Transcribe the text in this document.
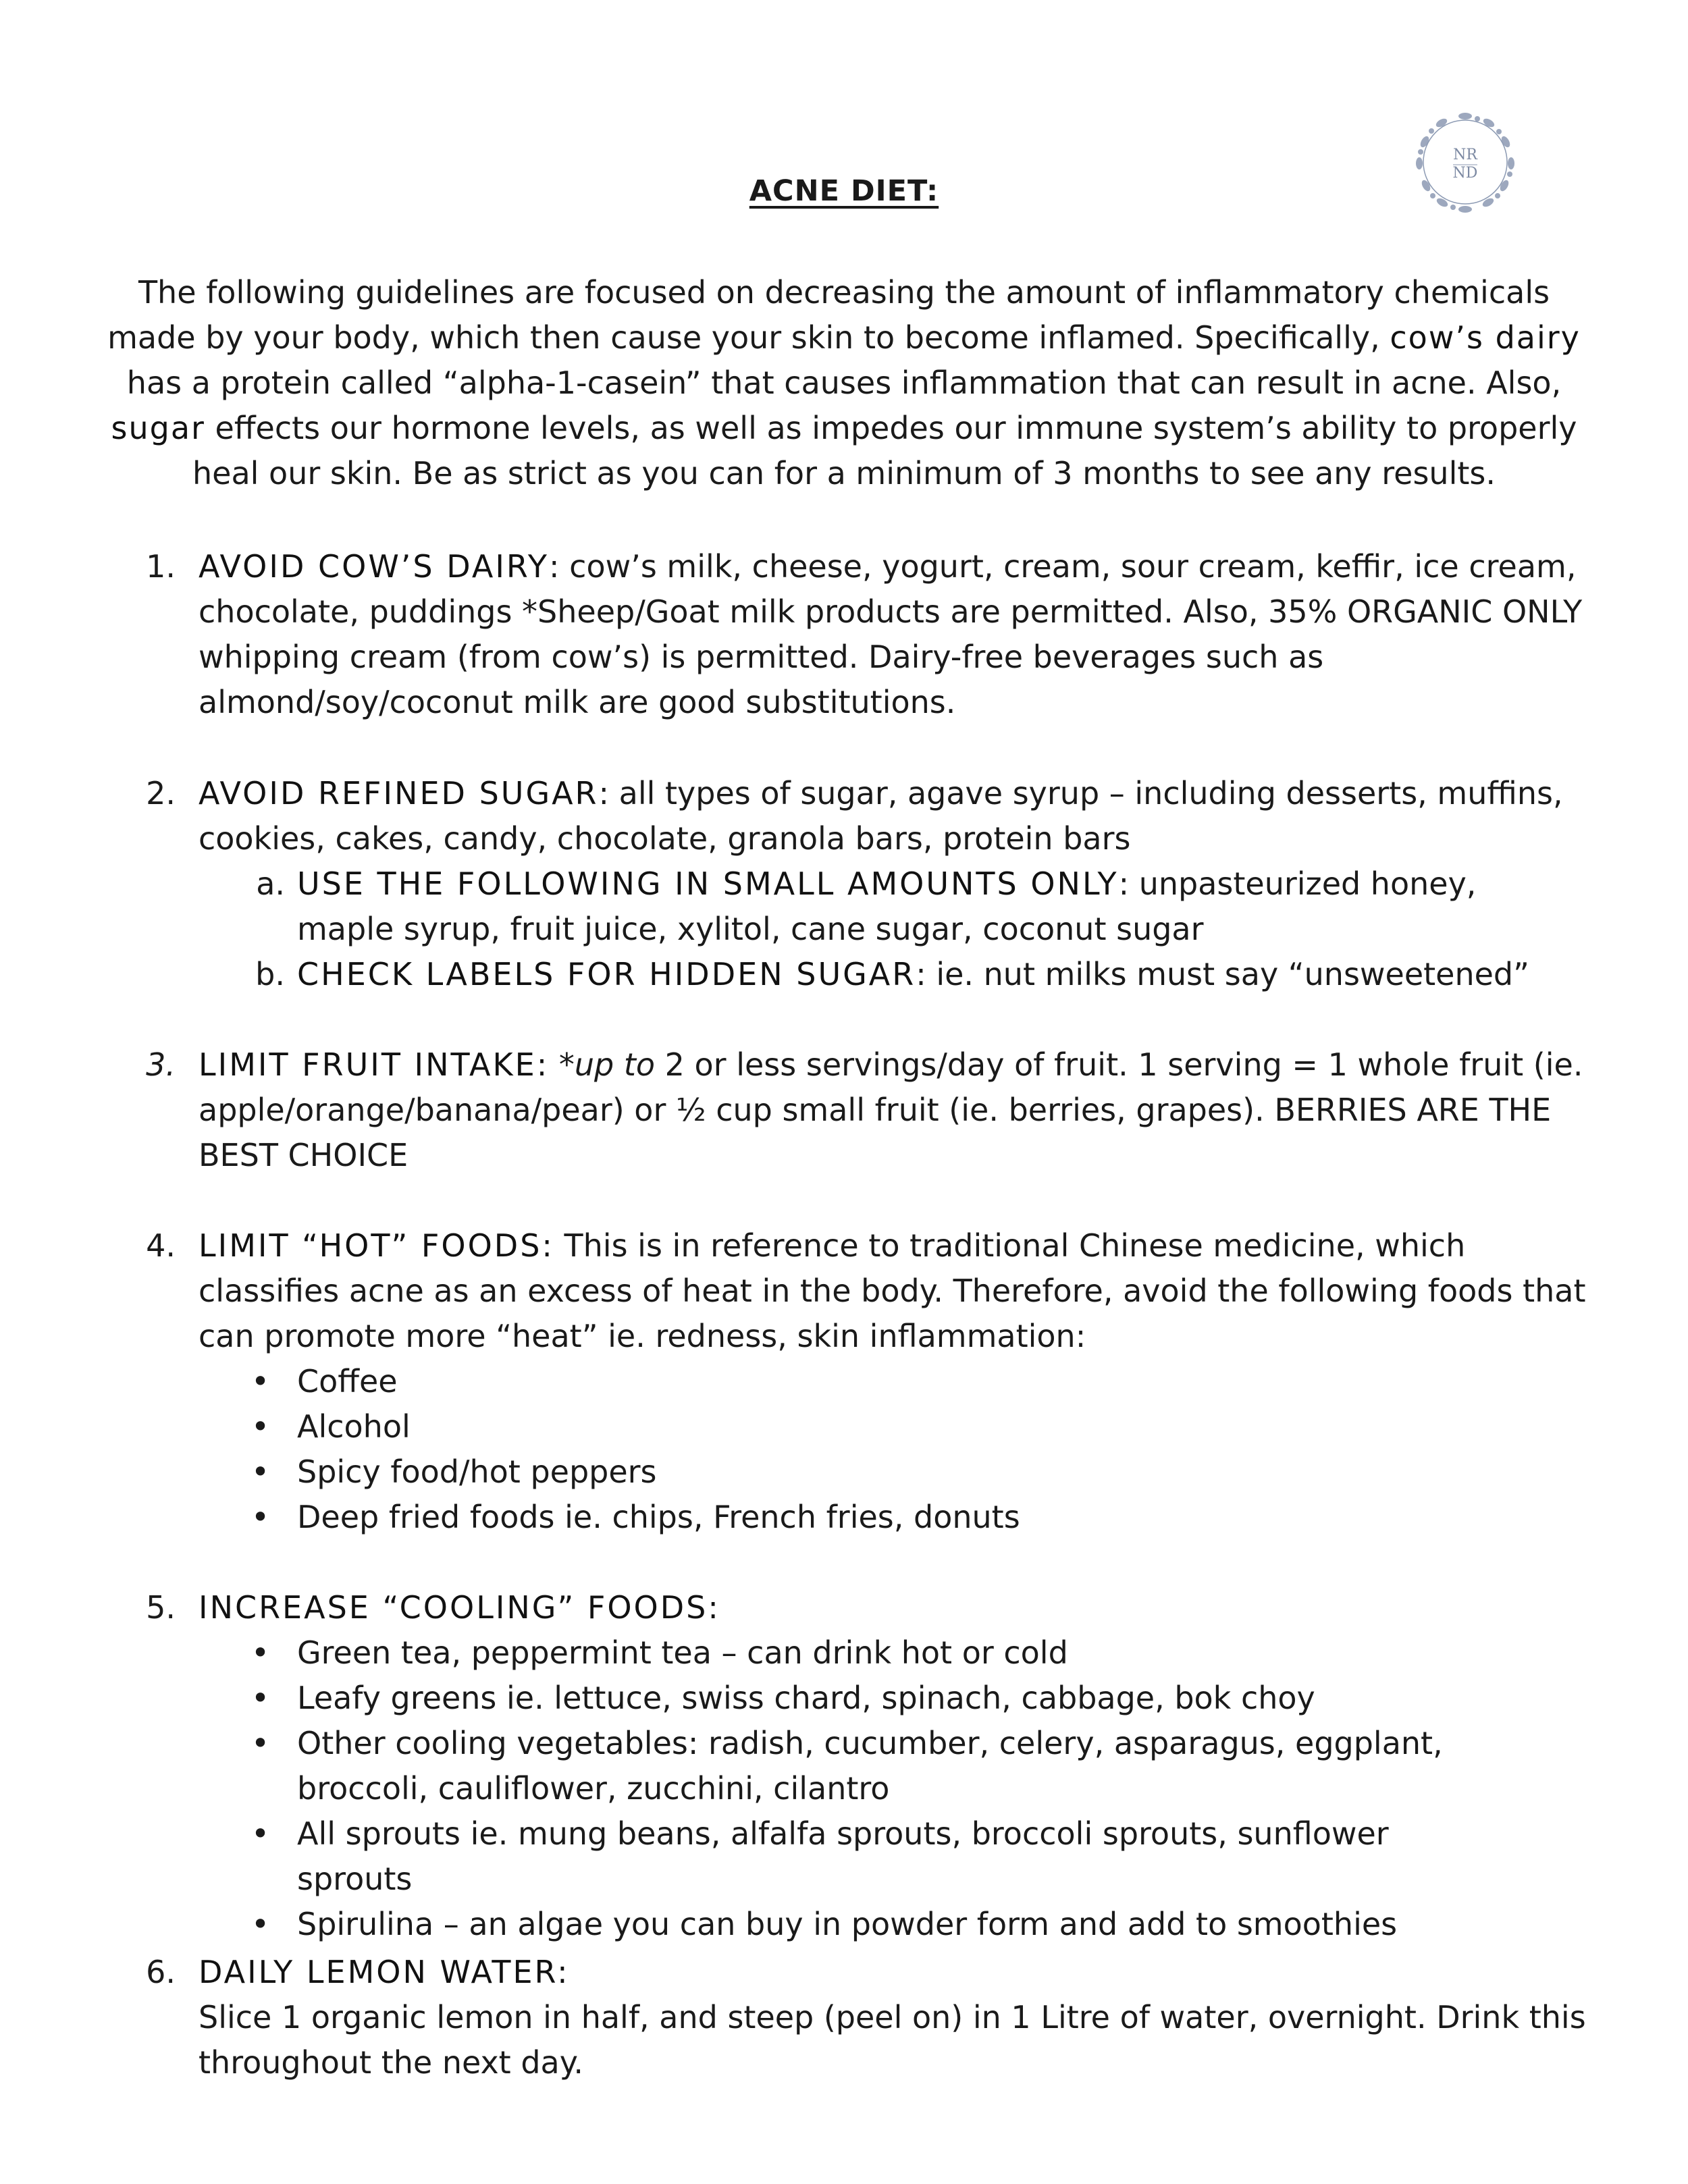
NR
ND
ACNE DIET:

The following guidelines are focused on decreasing the amount of inflammatory chemicals made by your body, which then cause your skin to become inflamed. Specifically, cow’s dairy has a protein called “alpha-1-casein” that causes inflammation that can result in acne. Also, sugar effects our hormone levels, as well as impedes our immune system’s ability to properly heal our skin. Be as strict as you can for a minimum of 3 months to see any results.

1. AVOID COW’S DAIRY: cow’s milk, cheese, yogurt, cream, sour cream, keffir, ice cream, chocolate, puddings *Sheep/Goat milk products are permitted. Also, 35% ORGANIC ONLY whipping cream (from cow’s) is permitted. Dairy-free beverages such as almond/soy/coconut milk are good substitutions.

2. AVOID REFINED SUGAR: all types of sugar, agave syrup – including desserts, muffins, cookies, cakes, candy, chocolate, granola bars, protein bars

a. USE THE FOLLOWING IN SMALL AMOUNTS ONLY: unpasteurized honey, maple syrup, fruit juice, xylitol, cane sugar, coconut sugar

b. CHECK LABELS FOR HIDDEN SUGAR: ie. nut milks must say “unsweetened”

3. LIMIT FRUIT INTAKE: *up to 2 or less servings/day of fruit. 1 serving = 1 whole fruit (ie. apple/orange/banana/pear) or ½ cup small fruit (ie. berries, grapes). BERRIES ARE THE BEST CHOICE

4. LIMIT “HOT” FOODS: This is in reference to traditional Chinese medicine, which classifies acne as an excess of heat in the body. Therefore, avoid the following foods that can promote more “heat” ie. redness, skin inflammation:

• Coffee
• Alcohol
• Spicy food/hot peppers
• Deep fried foods ie. chips, French fries, donuts
5. INCREASE “COOLING” FOODS:

• Green tea, peppermint tea – can drink hot or cold
• Leafy greens ie. lettuce, swiss chard, spinach, cabbage, bok choy
• Other cooling vegetables: radish, cucumber, celery, asparagus, eggplant, broccoli, cauliflower, zucchini, cilantro
• All sprouts ie. mung beans, alfalfa sprouts, broccoli sprouts, sunflower sprouts
• Spirulina – an algae you can buy in powder form and add to smoothies
6. DAILY LEMON WATER:
Slice 1 organic lemon in half, and steep (peel on) in 1 Litre of water, overnight. Drink this throughout the next day.
